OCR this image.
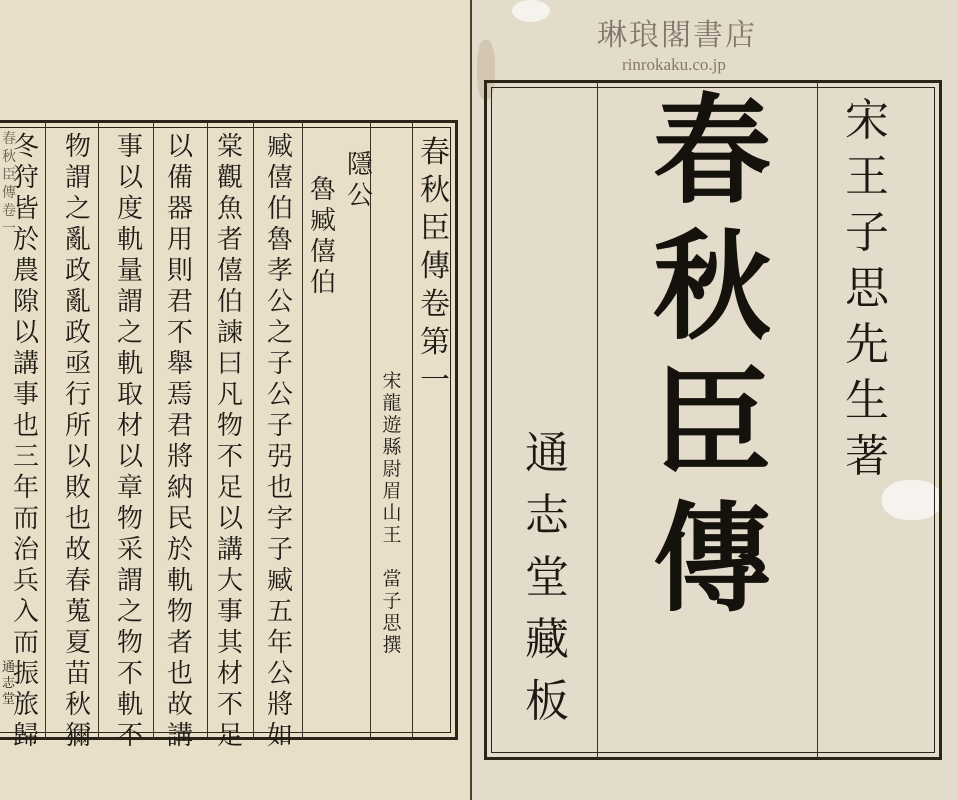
春秋臣傳卷一
通志堂
春
秋
臣
傳
卷
第
一
宋
龍
遊
縣
尉
眉
山
王

當
子
思
撰
隱
公
魯
臧
僖
伯
臧
僖
伯
魯
孝
公
之
子
公
子
弜
也
字
子
臧
五
年
公
將
如
棠
觀
魚
者
僖
伯
諫
曰
凡
物
不
足
以
講
大
事
其
材
不
足
以
備
器
用
則
君
不
舉
焉
君
將
納
民
於
軌
物
者
也
故
講
事
以
度
軌
量
謂
之
軌
取
材
以
章
物
采
謂
之
物
不
軌
不
物
謂
之
亂
政
亂
政
亟
行
所
以
敗
也
故
春
蒐
夏
苗
秋
獮
冬
狩
皆
於
農
隙
以
講
事
也
三
年
而
治
兵
入
而
振
旅
歸
琳琅閣書店
rinrokaku.co.jp
宋
王
子
思
先
生
著
春
秋
臣
傳
通
志
堂
藏
板
